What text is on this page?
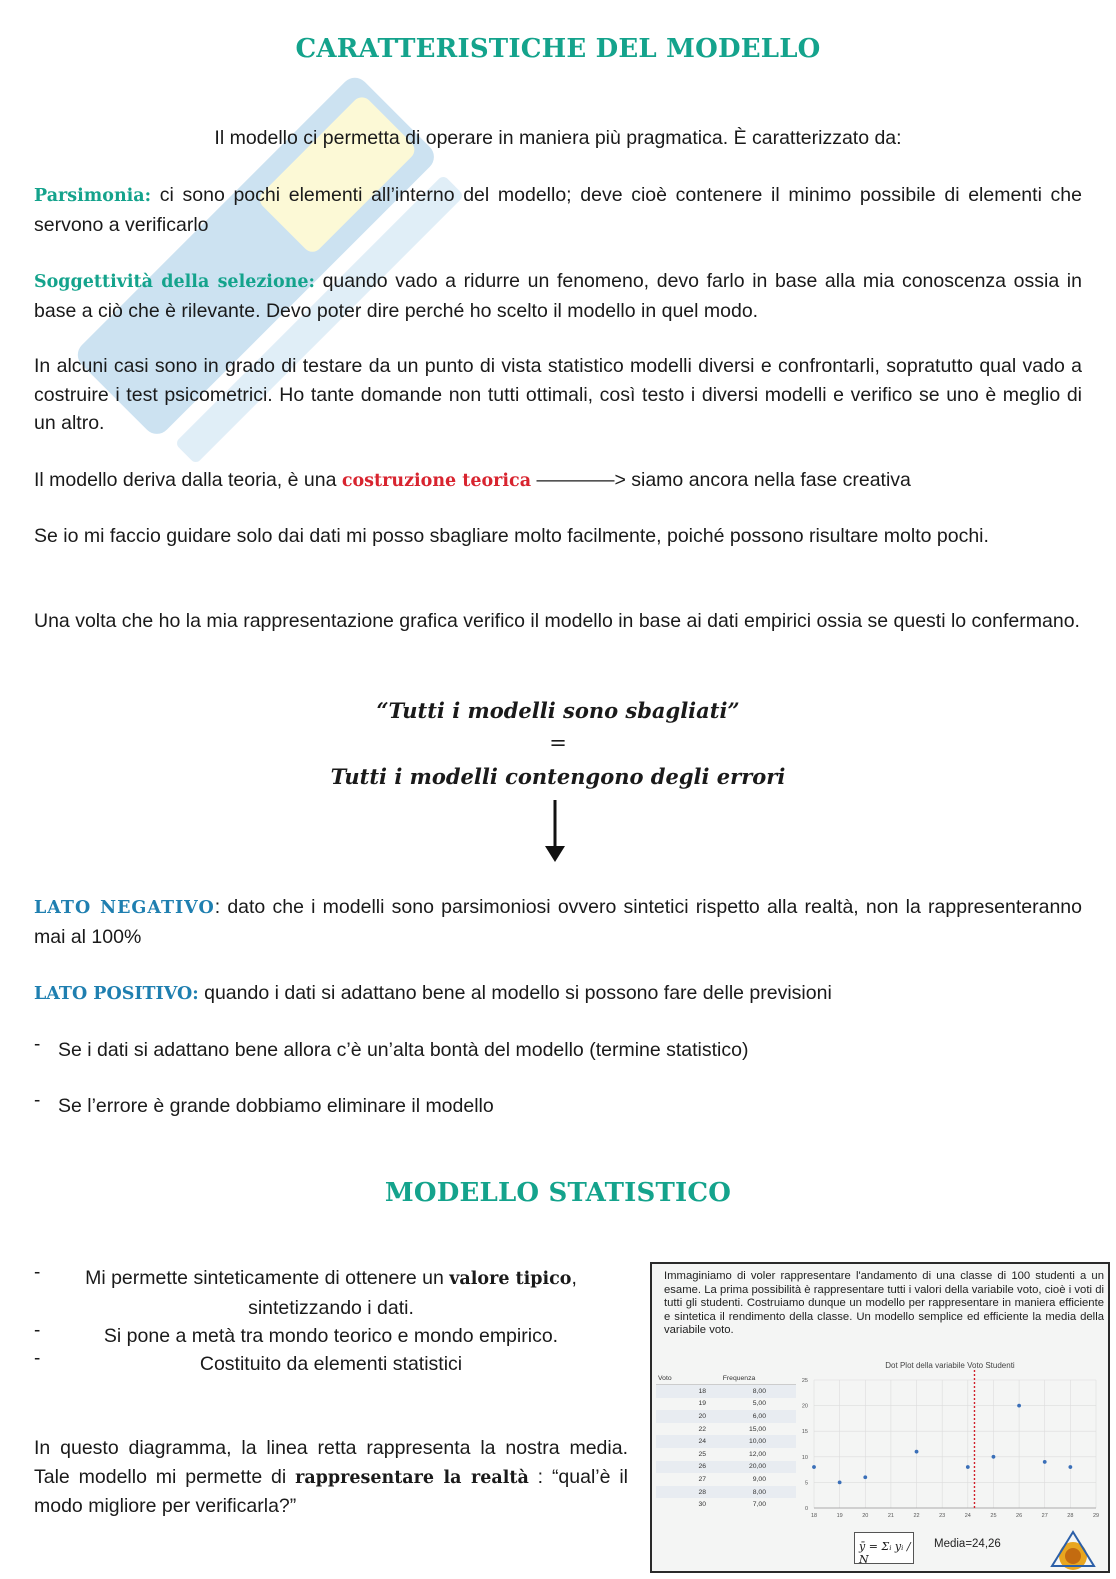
CARATTERISTICHE DEL MODELLO
Il modello ci permetta di operare in maniera più pragmatica. È caratterizzato da:
Parsimonia: ci sono pochi elementi all’interno del modello; deve cioè contenere il minimo possibile di elementi che servono a verificarlo
Soggettività della selezione: quando vado a ridurre un fenomeno, devo farlo in base alla mia conoscenza ossia in base a ciò che è rilevante. Devo poter dire perché ho scelto il modello in quel modo.
In alcuni casi sono in grado di testare da un punto di vista statistico modelli diversi e confrontarli, sopratutto qual vado a costruire i test psicometrici. Ho tante domande non tutti ottimali, così testo i diversi modelli e verifico se uno è meglio di un altro.
Il modello deriva dalla teoria, è una costruzione teorica ————> siamo ancora nella fase creativa
Se io mi faccio guidare solo dai dati mi posso sbagliare molto facilmente, poiché possono risultare molto pochi.
Una volta che ho la mia rappresentazione grafica verifico il modello in base ai dati empirici ossia se questi lo confermano.
“Tutti i modelli sono sbagliati”
=
Tutti i modelli contengono degli errori
LATO NEGATIVO: dato che i modelli sono parsimoniosi ovvero sintetici rispetto alla realtà, non la rappresenteranno mai al 100%
LATO POSITIVO: quando i dati si adattano bene al modello si possono fare delle previsioni
- Se i dati si adattano bene allora c’è un’alta bontà del modello (termine statistico)
- Se l’errore è grande dobbiamo eliminare il modello
MODELLO STATISTICO
-	Mi permette sinteticamente di ottenere un valore tipico,
sintetizzando i dati.
-	Si pone a metà tra mondo teorico e mondo empirico.
-	Costituito da elementi statistici
In questo diagramma, la linea retta rappresenta la nostra media. Tale modello mi permette di rappresentare la realtà : “qual’è il modo migliore per verificarla?”
Immaginiamo di voler rappresentare l'andamento di una classe di 100 studenti a un esame. La prima possibilità è rappresentare tutti i valori della variabile voto, cioè i voti di tutti gli studenti. Costruiamo dunque un modello per rappresentare in maniera efficiente e sintetica il rendimento della classe. Un modello semplice ed efficiente la media della variabile voto.
Voto	Frequenza
18	8,00
19	5,00
20	6,00
22	15,00
24	10,00
25	12,00
26	20,00
27	9,00
28	8,00
30	7,00
Dot Plot della variabile Voto Studenti
18	19	20	21	22	23	24	25	26	27	28	29
0
5
10
15
20
25
ȳ = Σᵢ yᵢ / N
Media=24,26
